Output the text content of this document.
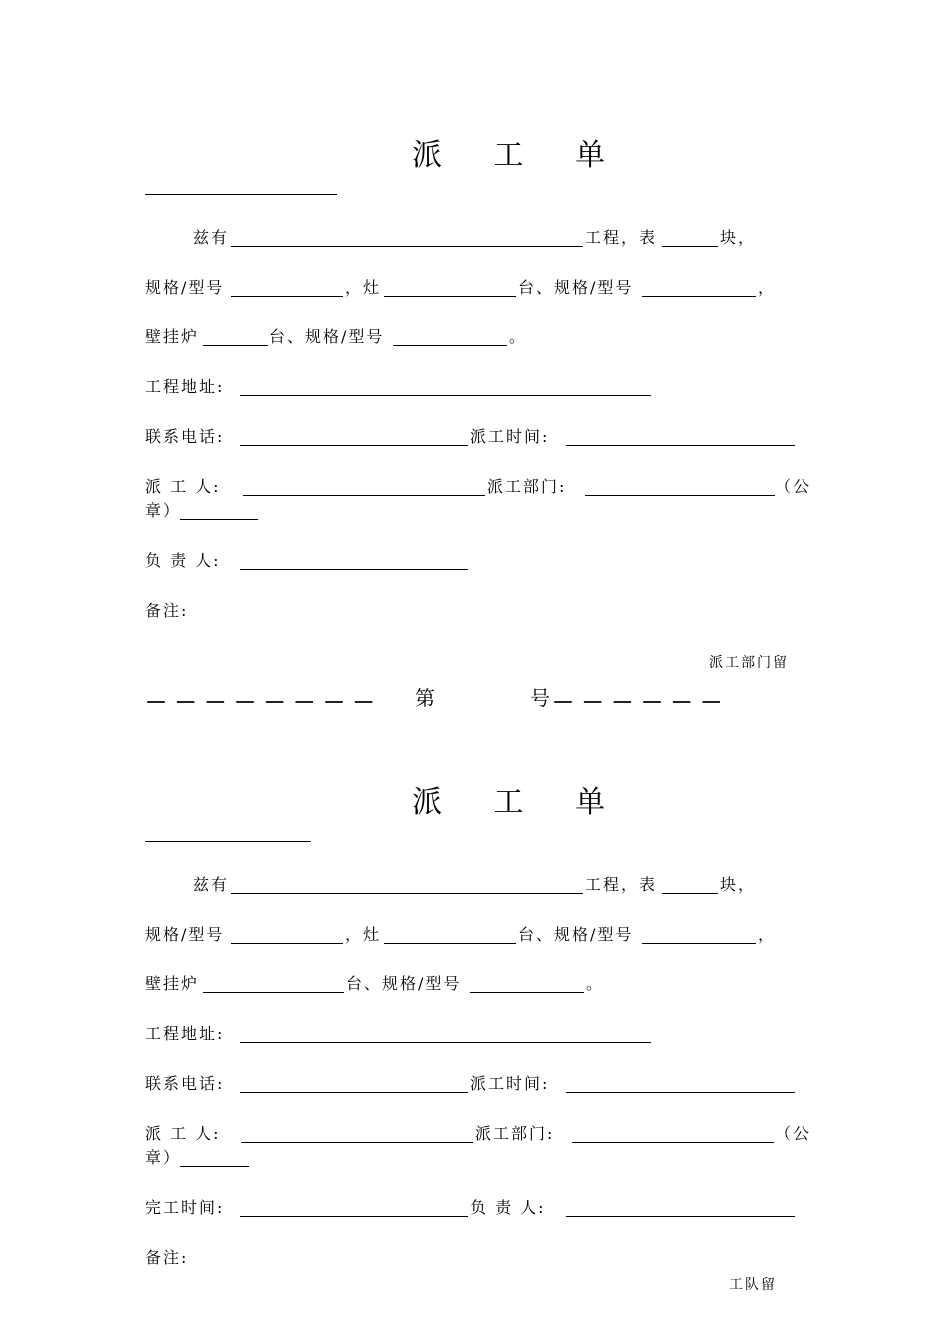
派 工 单
兹有	工程，表	块，
规格/型号	，灶	台、规格/型号	，
壁挂炉	台、规格/型号	。
工程地址:
联系电话:	派工时间:
派 工 人:	派工部门:	（公
章）
负 责 人:
备注:
派工部门留
－ － － － － － － － 第	号 － － － － － －
派 工 单
兹有	工程，表	块，
规格/型号	，灶	台、规格/型号	，
壁挂炉	台、规格/型号	。
工程地址:
联系电话:	派工时间:
派 工 人:	派工部门:	（公
章）
完工时间:	负 责 人:
备注:
工队留
